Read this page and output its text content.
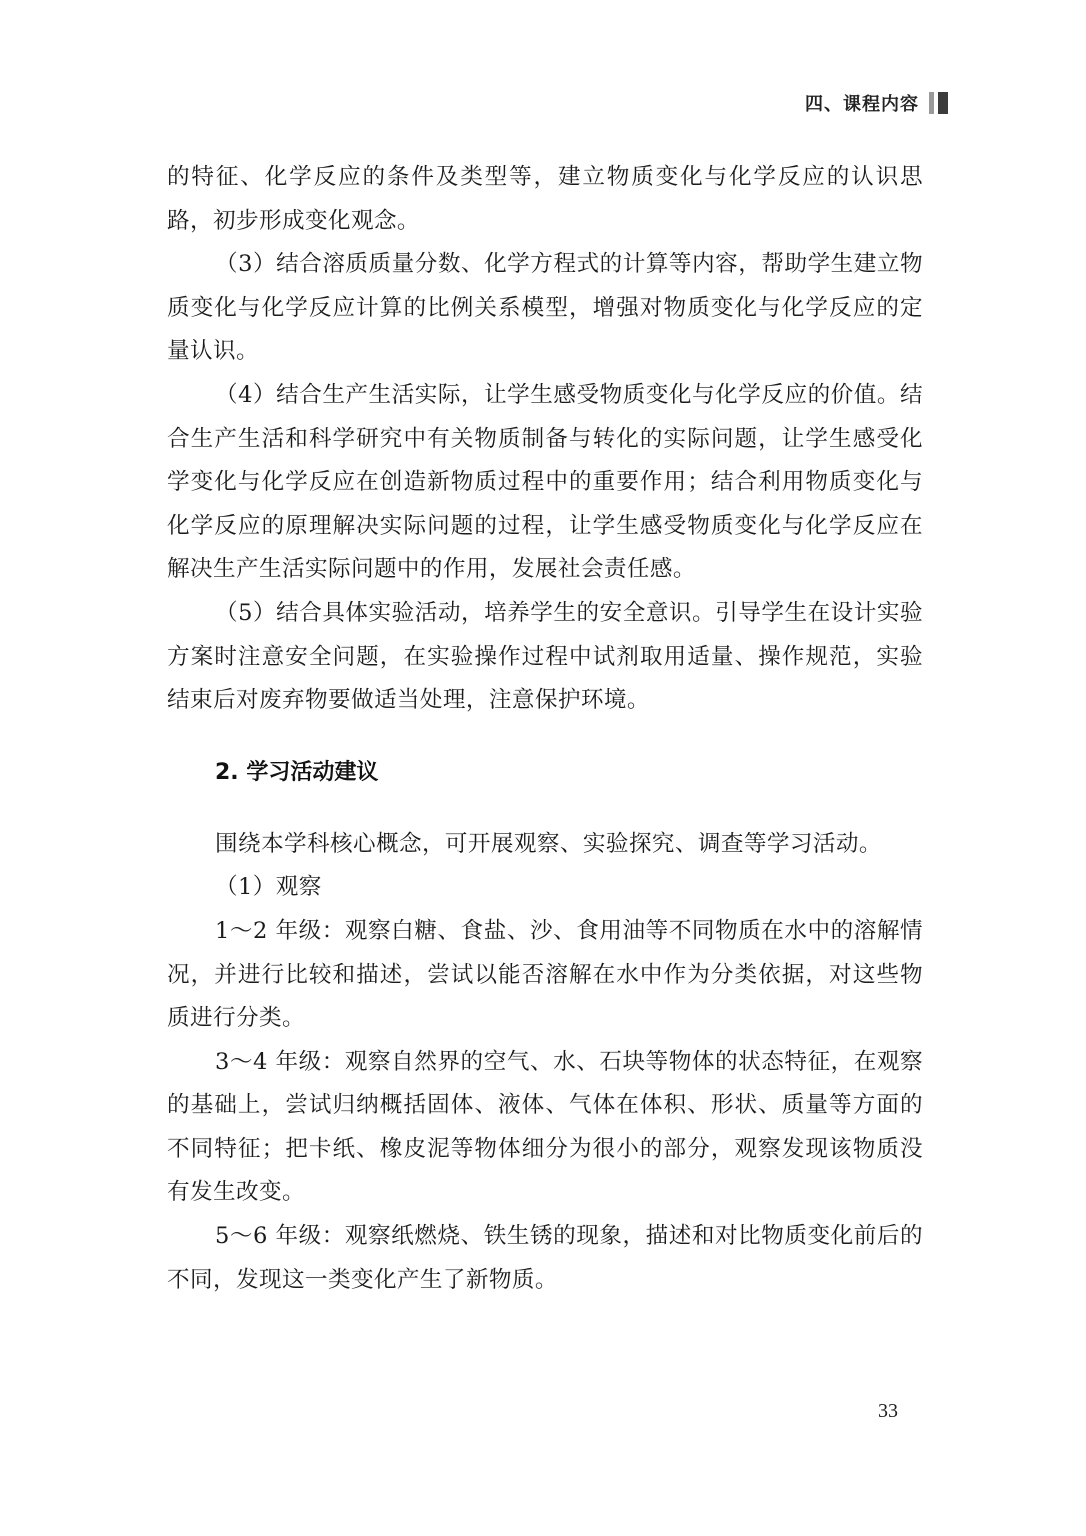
四、课程内容

的特征、化学反应的条件及类型等，建立物质变化与化学反应的认识思路，初步形成变化观念。

（3）结合溶质质量分数、化学方程式的计算等内容，帮助学生建立物质变化与化学反应计算的比例关系模型，增强对物质变化与化学反应的定量认识。

（4）结合生产生活实际，让学生感受物质变化与化学反应的价值。结合生产生活和科学研究中有关物质制备与转化的实际问题，让学生感受化学变化与化学反应在创造新物质过程中的重要作用；结合利用物质变化与化学反应的原理解决实际问题的过程，让学生感受物质变化与化学反应在解决生产生活实际问题中的作用，发展社会责任感。

（5）结合具体实验活动，培养学生的安全意识。引导学生在设计实验方案时注意安全问题，在实验操作过程中试剂取用适量、操作规范，实验结束后对废弃物要做适当处理，注意保护环境。

2. 学习活动建议

围绕本学科核心概念，可开展观察、实验探究、调查等学习活动。

（1）观察

1～2 年级：观察白糖、食盐、沙、食用油等不同物质在水中的溶解情况，并进行比较和描述，尝试以能否溶解在水中作为分类依据，对这些物质进行分类。

3～4 年级：观察自然界的空气、水、石块等物体的状态特征，在观察的基础上，尝试归纳概括固体、液体、气体在体积、形状、质量等方面的不同特征；把卡纸、橡皮泥等物体细分为很小的部分，观察发现该物质没有发生改变。

5～6 年级：观察纸燃烧、铁生锈的现象，描述和对比物质变化前后的不同，发现这一类变化产生了新物质。

33
